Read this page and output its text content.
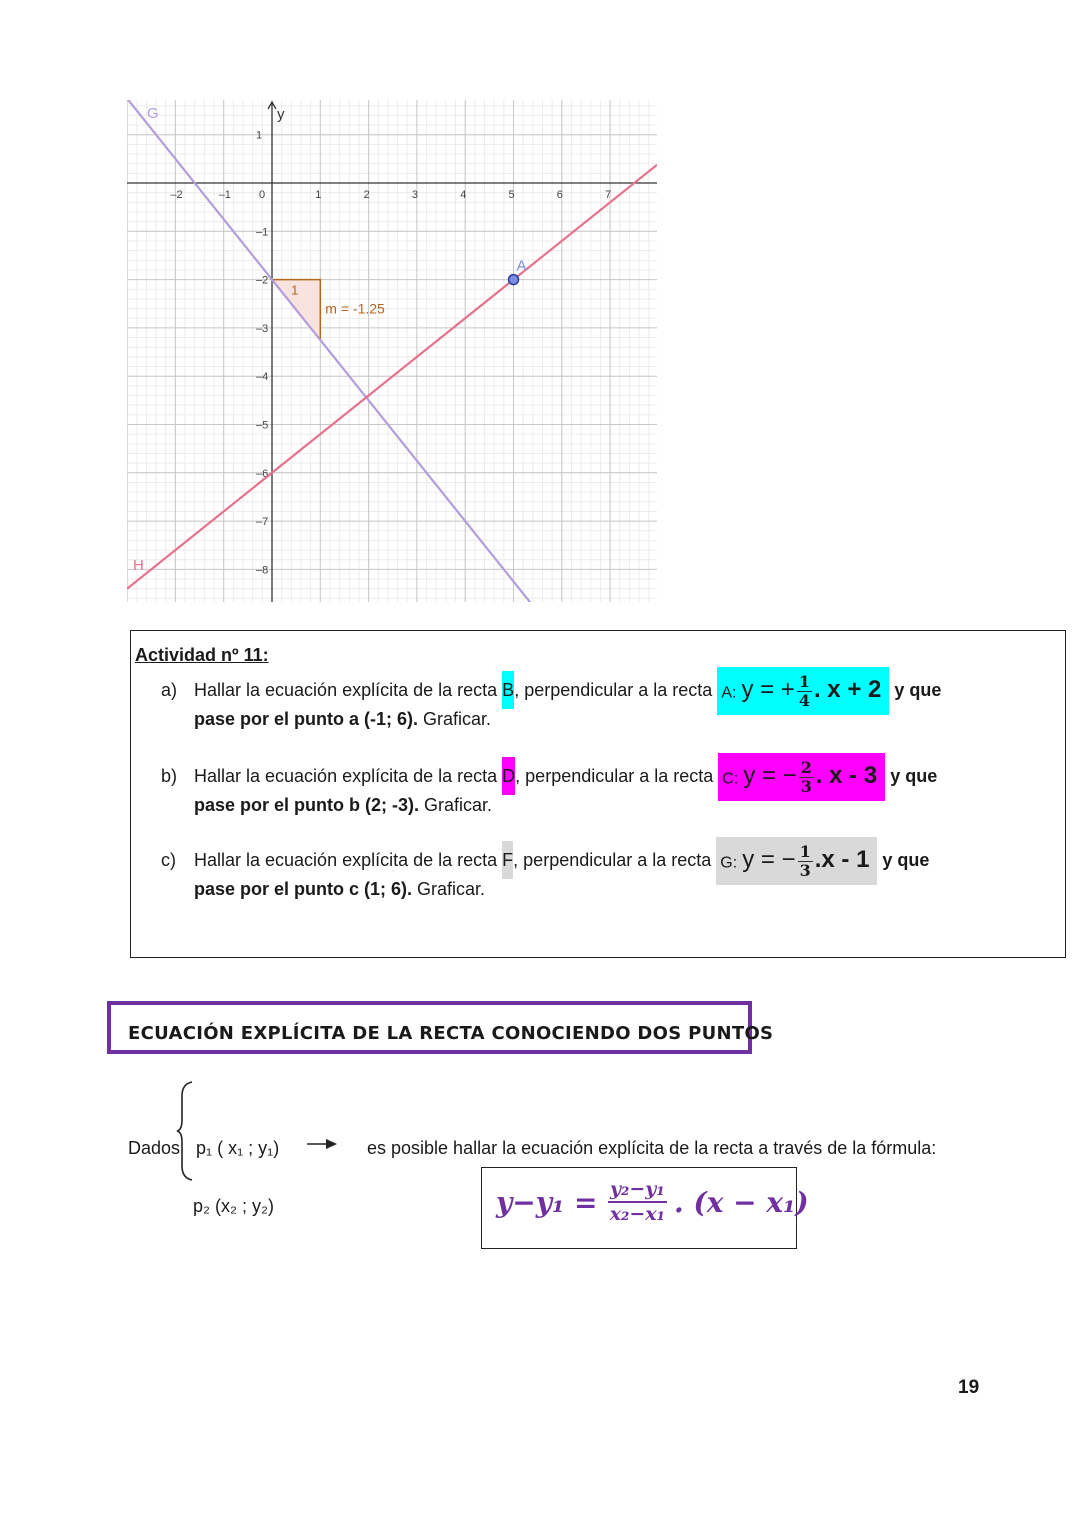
–2	–1	0	1	2	3	4	5	6	7
1
–1
–2
–3
–4
–5
–6
–7
–8
G
H
y
1
m = -1.25
A
Actividad nº 11:
a) Hallar la ecuación explícita de la recta B, perpendicular a la recta A: y = + $\frac{1}{4}$ . x + 2 y que
pase por el punto a (-1; 6). Graficar.
b) Hallar la ecuación explícita de la recta D, perpendicular a la recta C: y = − $\frac{2}{3}$ . x - 3 y que
pase por el punto b (2; -3). Graficar.
c) Hallar la ecuación explícita de la recta F, perpendicular a la recta G: y = − $\frac{1}{3} .x - 1$ y que
pase por el punto c (1; 6). Graficar.
ECUACIÓN EXPLÍCITA DE LA RECTA CONOCIENDO DOS PUNTOS
Dados p₁ ( x₁ ; y₁)
p₂ (x₂ ; y₂)
es posible hallar la ecuación explícita de la recta a través de la fórmula:
$y-y_1 = \frac{\text{y₂−y₁}}{\text{x₂−x₁}}$ . (x − x₁)
19
